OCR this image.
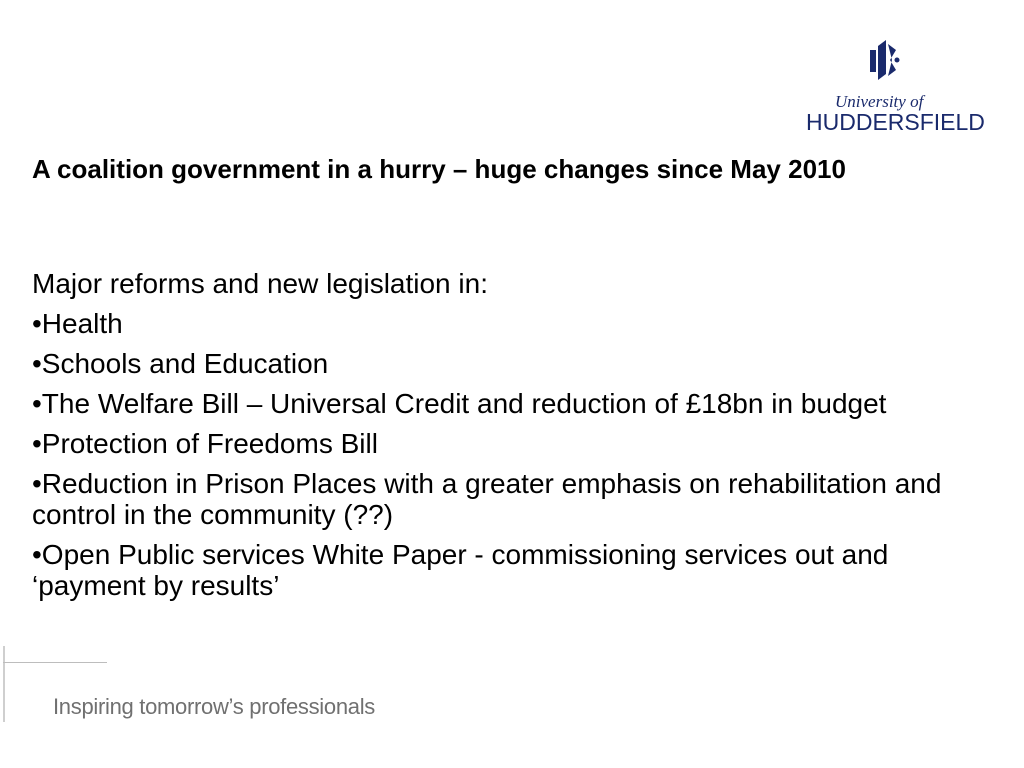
University of
HUDDERSFIELD
A coalition government in a hurry – huge changes since May 2010

Major reforms and new legislation in:

•Health

•Schools and Education

•The Welfare Bill – Universal Credit and reduction of £18bn in budget

•Protection of Freedoms Bill

•Reduction in Prison Places with a greater emphasis on rehabilitation and control in the community (??)

•Open Public services White Paper - commissioning services out and ‘payment by results’

Inspiring tomorrow’s professionals
